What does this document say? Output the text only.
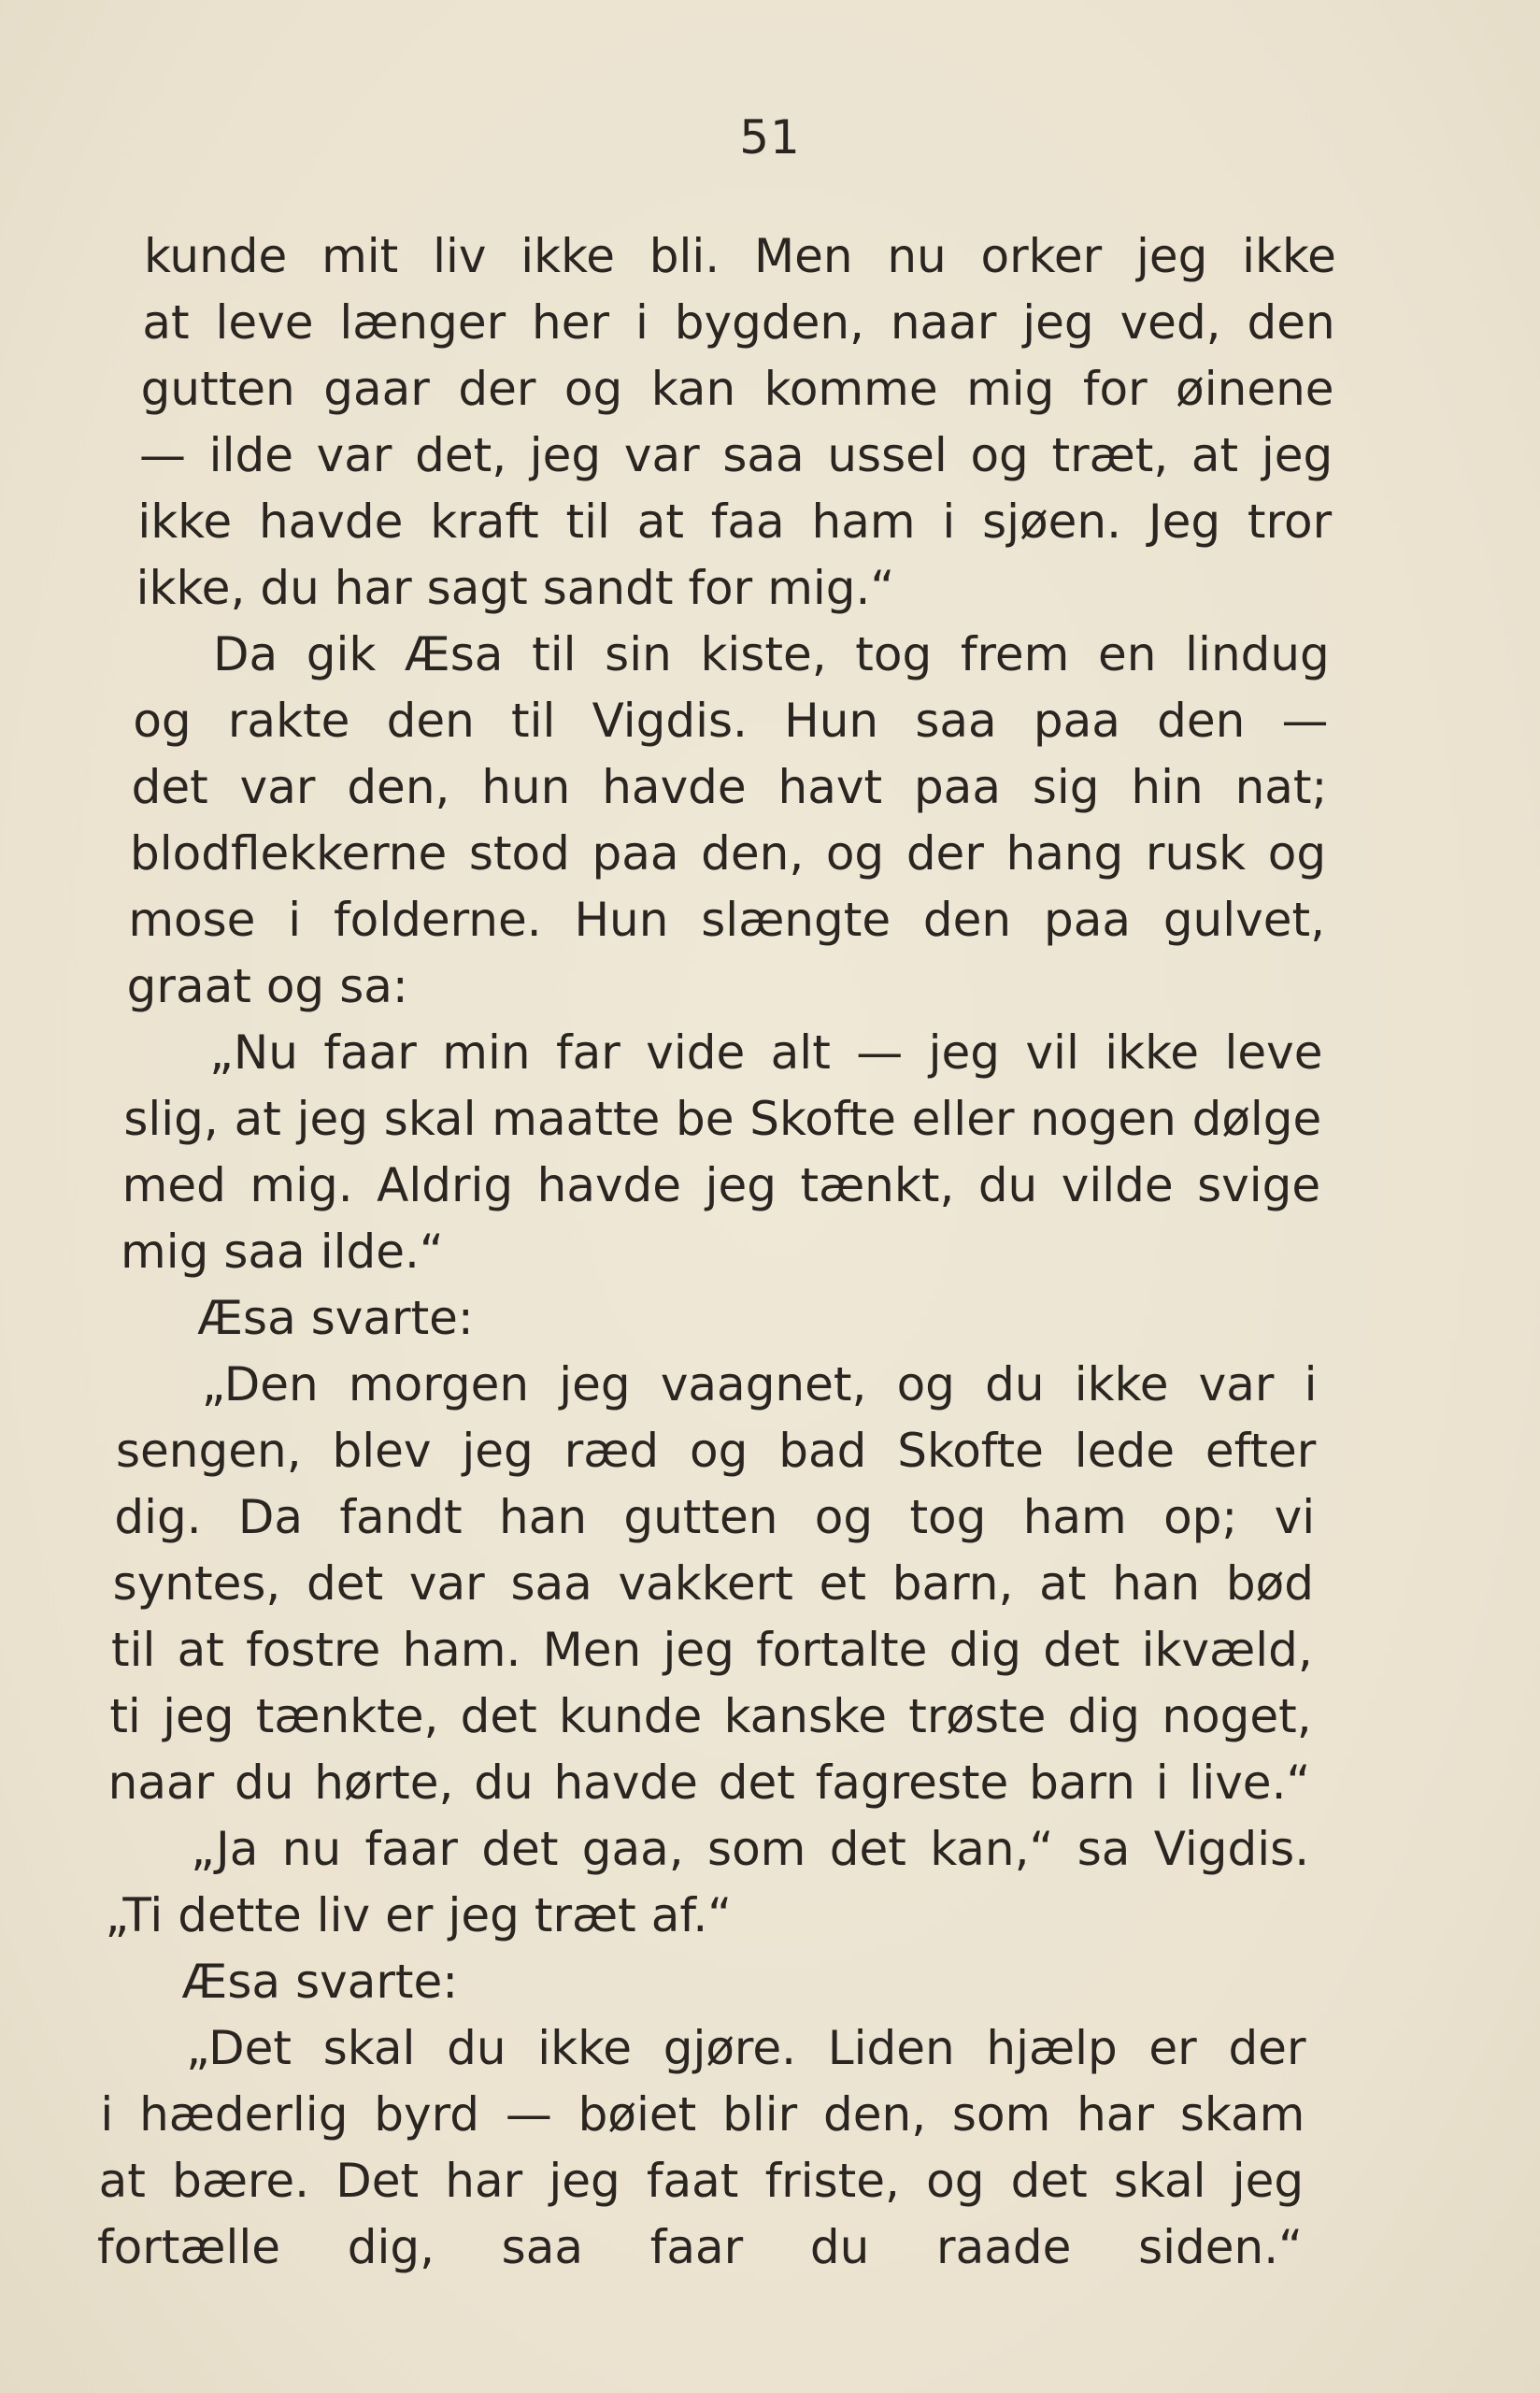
51
kunde mit liv ikke bli. Men nu orker jeg ikke
at leve længer her i bygden, naar jeg ved, den
gutten gaar der og kan komme mig for øinene
— ilde var det, jeg var saa ussel og træt, at jeg
ikke havde kraft til at faa ham i sjøen. Jeg tror
ikke, du har sagt sandt for mig.“
Da gik Æsa til sin kiste, tog frem en lindug
og rakte den til Vigdis. Hun saa paa den —
det var den, hun havde havt paa sig hin nat;
blodflekkerne stod paa den, og der hang rusk og
mose i folderne. Hun slængte den paa gulvet,
graat og sa:
„Nu faar min far vide alt — jeg vil ikke leve
slig, at jeg skal maatte be Skofte eller nogen dølge
med mig. Aldrig havde jeg tænkt, du vilde svige
mig saa ilde.“
Æsa svarte:
„Den morgen jeg vaagnet, og du ikke var i
sengen, blev jeg ræd og bad Skofte lede efter
dig. Da fandt han gutten og tog ham op; vi
syntes, det var saa vakkert et barn, at han bød
til at fostre ham. Men jeg fortalte dig det ikvæld,
ti jeg tænkte, det kunde kanske trøste dig noget,
naar du hørte, du havde det fagreste barn i live.“
„Ja nu faar det gaa, som det kan,“ sa Vigdis.
„Ti dette liv er jeg træt af.“
Æsa svarte:
„Det skal du ikke gjøre. Liden hjælp er der
i hæderlig byrd — bøiet blir den, som har skam
at bære. Det har jeg faat friste, og det skal jeg
fortælle dig, saa faar du raade siden.“
